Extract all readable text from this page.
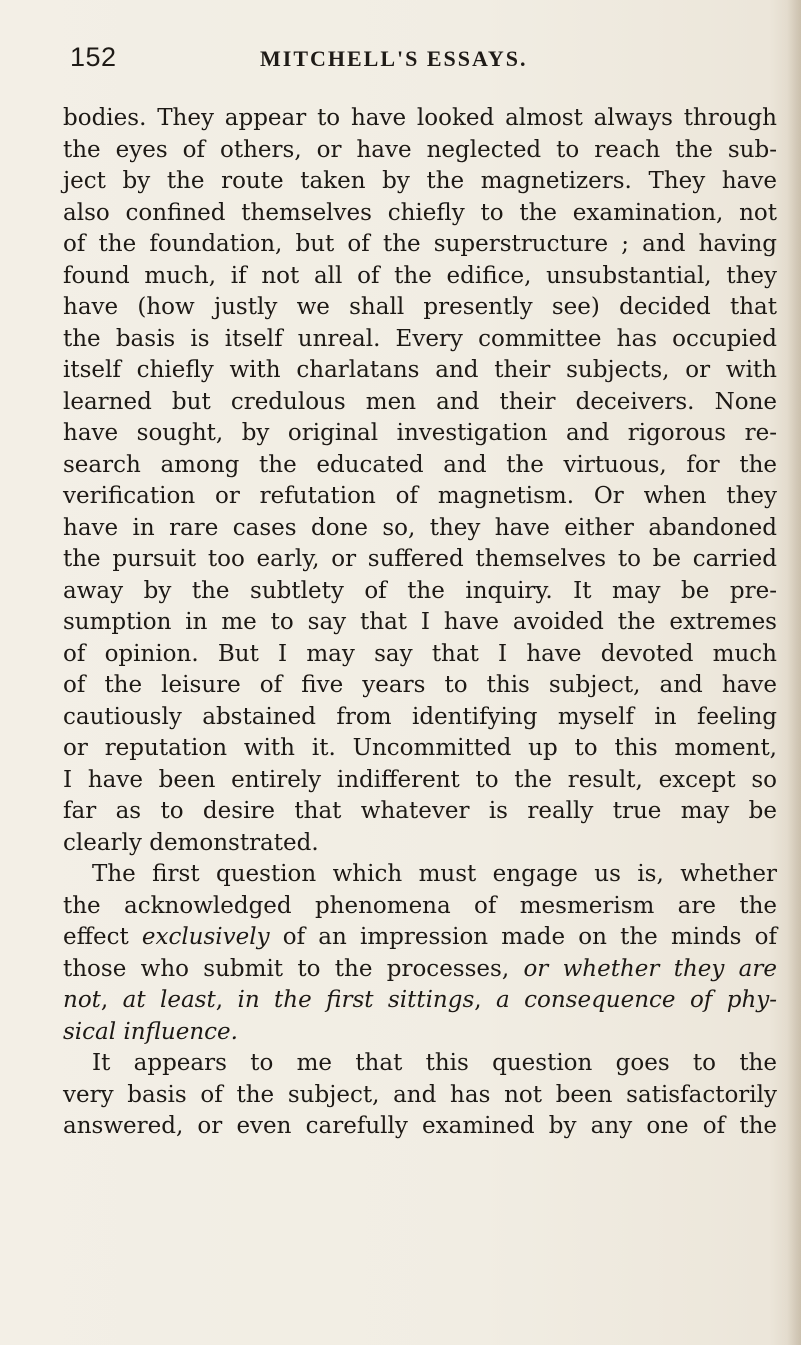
152	MITCHELL'S ESSAYS.
bodies. They appear to have looked almost always through
the eyes of others, or have neglected to reach the sub-
ject by the route taken by the magnetizers. They have
also confined themselves chiefly to the examination, not
of the foundation, but of the superstructure ; and having
found much, if not all of the edifice, unsubstantial, they
have (how justly we shall presently see) decided that
the basis is itself unreal. Every committee has occupied
itself chiefly with charlatans and their subjects, or with
learned but credulous men and their deceivers. None
have sought, by original investigation and rigorous re-
search among the educated and the virtuous, for the
verification or refutation of magnetism. Or when they
have in rare cases done so, they have either abandoned
the pursuit too early, or suffered themselves to be carried
away by the subtlety of the inquiry. It may be pre-
sumption in me to say that I have avoided the extremes
of opinion. But I may say that I have devoted much
of the leisure of five years to this subject, and have
cautiously abstained from identifying myself in feeling
or reputation with it. Uncommitted up to this moment,
I have been entirely indifferent to the result, except so
far as to desire that whatever is really true may be
clearly demonstrated.
The first question which must engage us is, whether
the acknowledged phenomena of mesmerism are the
effect exclusively of an impression made on the minds of
those who submit to the processes, or whether they are
not, at least, in the first sittings, a consequence of phy-
sical influence.
It appears to me that this question goes to the
very basis of the subject, and has not been satisfactorily
answered, or even carefully examined by any one of the
